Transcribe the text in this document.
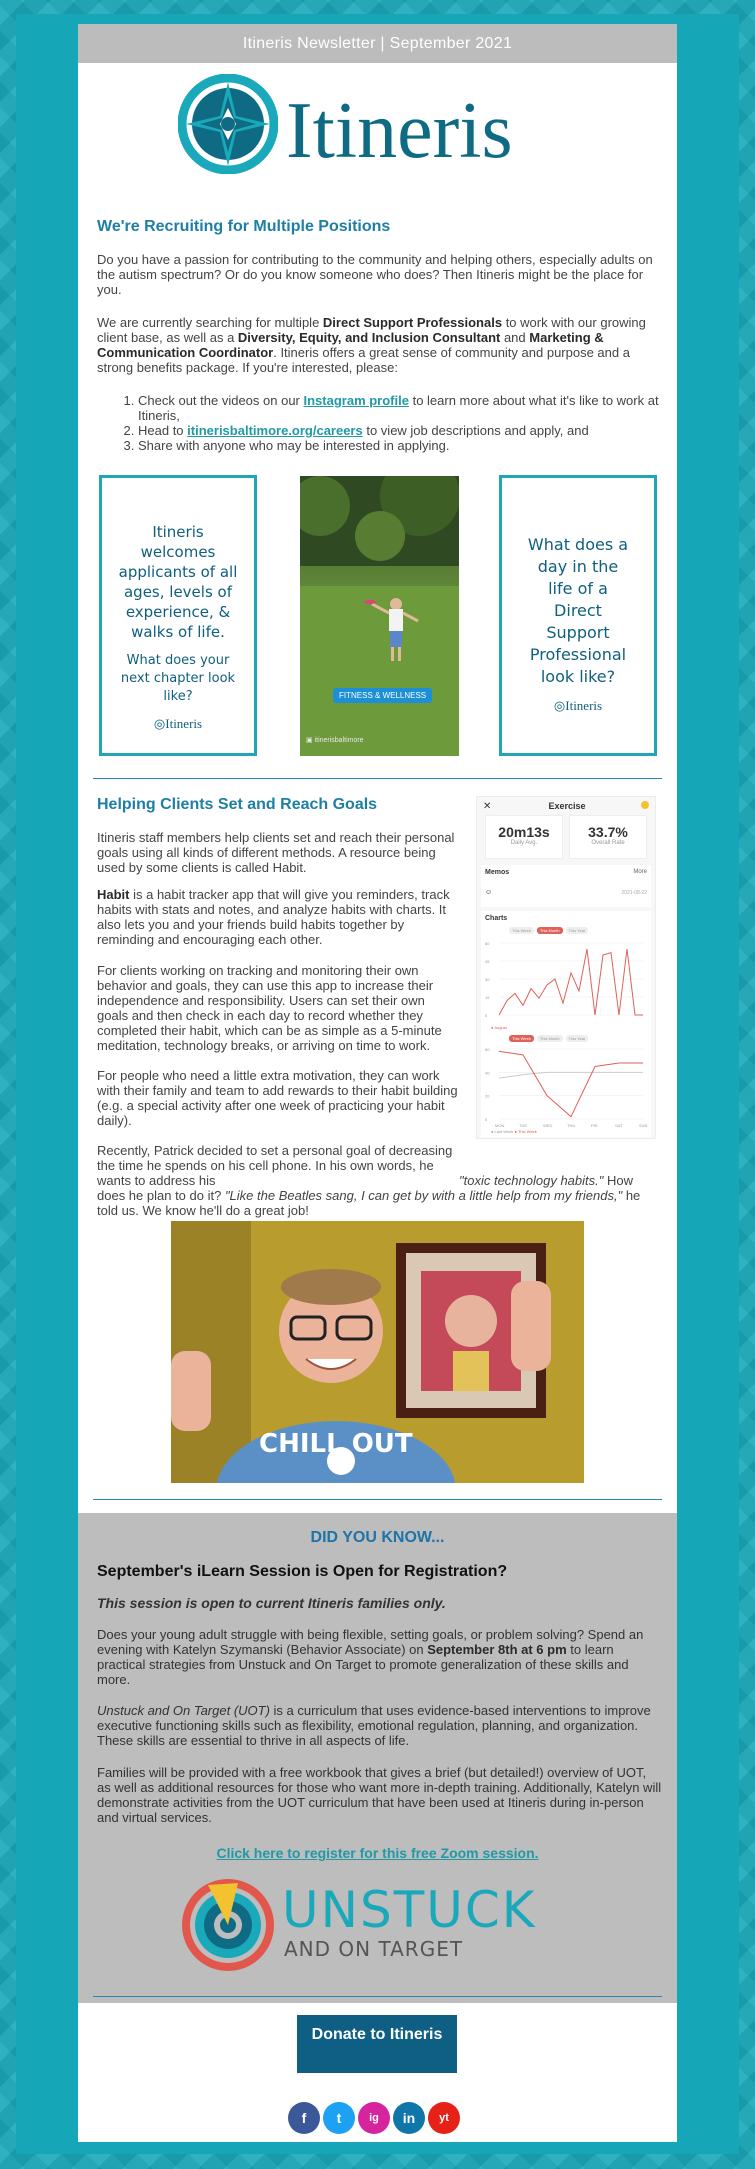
Itineris Newsletter | September 2021
Itineris
We're Recruiting for Multiple Positions
Do you have a passion for contributing to the community and helping others, especially adults on the autism spectrum? Or do you know someone who does? Then Itineris might be the place for you.
We are currently searching for multiple Direct Support Professionals to work with our growing client base, as well as a Diversity, Equity, and Inclusion Consultant and Marketing & Communication Coordinator. Itineris offers a great sense of community and purpose and a strong benefits package. If you're interested, please:
1. Check out the videos on our Instagram profile to learn more about what it's like to work at Itineris,
2. Head to itinerisbaltimore.org/careers to view job descriptions and apply, and
3. Share with anyone who may be interested in applying.
Itineris welcomes applicants of all ages, levels of experience, & walks of life.
What does your next chapter look like?
◎Itineris
FITNESS & WELLNESS
▣ itinerisbaltimore
What does a day in the life of a Direct Support Professional look like?
◎Itineris
Helping Clients Set and Reach Goals
Itineris staff members help clients set and reach their personal goals using all kinds of different methods. A resource being used by some clients is called Habit.
Habit is a habit tracker app that will give you reminders, track habits with stats and notes, and analyze habits with charts. It also lets you and your friends build habits together by reminding and encouraging each other.
For clients working on tracking and monitoring their own behavior and goals, they can use this app to increase their independence and responsibility. Users can set their own goals and then check in each day to record whether they completed their habit, which can be as simple as a 5-minute meditation, technology breaks, or arriving on time to work.
For people who need a little extra motivation, they can work with their family and team to add rewards to their habit building (e.g. a special activity after one week of practicing your habit daily).
Recently, Patrick decided to set a personal goal of decreasing the time he spends on his cell phone. In his own words, he wants to address his	"toxic technology habits." How does he plan to do it? "Like the Beatles sang, I can get by with a little help from my friends," he told us. We know he'll do a great job!
✕	Exercise
20m13s
Daily Avg.
33.7%
Overall Rate
Memos	More
☺	2021-08-22
Charts
This Week	This Month	This Year
0
15
30
45
60
● August
This Week	This Month	This Year
0
20
40
60
MON	TUE	WED	THU	FRI	SAT	SUN
● Last Week ● This Week
CHILL OUT
DID YOU KNOW...
September's iLearn Session is Open for Registration?
This session is open to current Itineris families only.
Does your young adult struggle with being flexible, setting goals, or problem solving? Spend an evening with Katelyn Szymanski (Behavior Associate) on September 8th at 6 pm to learn practical strategies from Unstuck and On Target to promote generalization of these skills and more.
Unstuck and On Target (UOT) is a curriculum that uses evidence-based interventions to improve executive functioning skills such as flexibility, emotional regulation, planning, and organization. These skills are essential to thrive in all aspects of life.
Families will be provided with a free workbook that gives a brief (but detailed!) overview of UOT, as well as additional resources for those who want more in-depth training. Additionally, Katelyn will demonstrate activities from the UOT curriculum that have been used at Itineris during in-person and virtual services.
Click here to register for this free Zoom session.
UNSTUCK
AND ON TARGET
Donate to Itineris
f	t	ig	in	yt
